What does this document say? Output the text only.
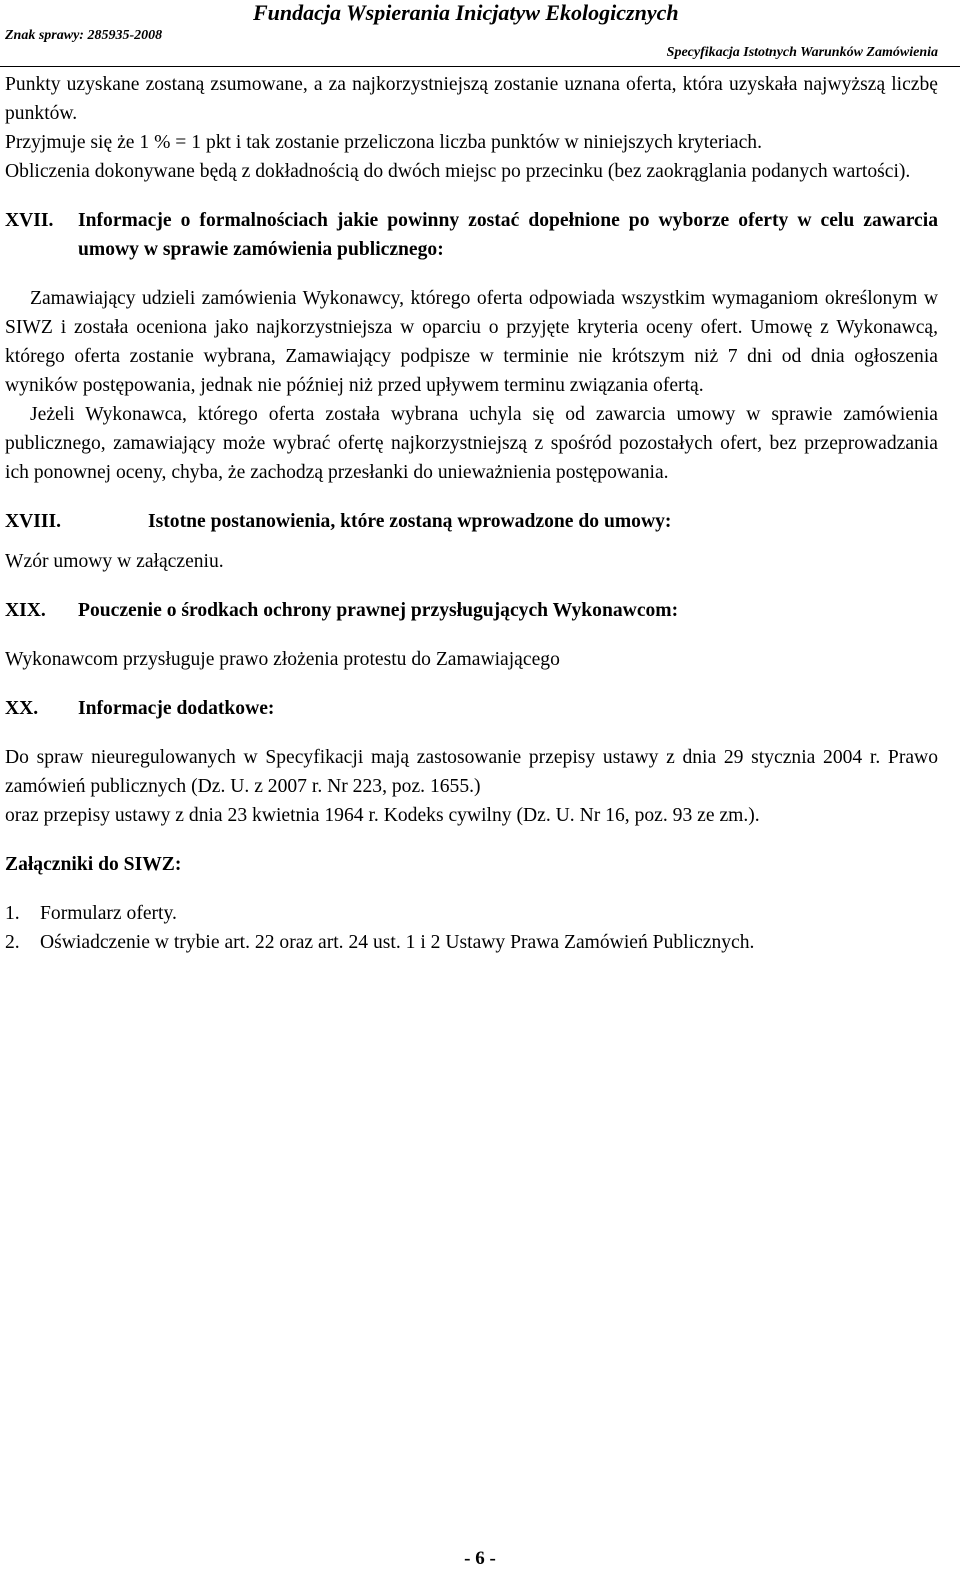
Fundacja Wspierania Inicjatyw Ekologicznych
Znak sprawy: 285935-2008
Specyfikacja Istotnych Warunków Zamówienia

Punkty uzyskane zostaną zsumowane, a za najkorzystniejszą zostanie uznana oferta, która uzyskała najwyższą liczbę punktów.

Przyjmuje się że 1 % = 1 pkt i tak zostanie przeliczona liczba punktów w niniejszych kryteriach.

Obliczenia dokonywane będą z dokładnością do dwóch miejsc po przecinku (bez zaokrąglania podanych wartości).

XVII.	Informacje o formalnościach jakie powinny zostać dopełnione po wyborze oferty w celu zawarcia umowy w sprawie zamówienia publicznego:

Zamawiający udzieli zamówienia Wykonawcy, którego oferta odpowiada wszystkim wymaganiom określonym w SIWZ i została oceniona jako najkorzystniejsza w oparciu o przyjęte kryteria oceny ofert. Umowę z Wykonawcą, którego oferta zostanie wybrana, Zamawiający podpisze w terminie nie krótszym niż 7 dni od dnia ogłoszenia wyników postępowania, jednak nie później niż przed upływem terminu związania ofertą.

Jeżeli Wykonawca, którego oferta została wybrana uchyla się od zawarcia umowy w sprawie zamówienia publicznego, zamawiający może wybrać ofertę najkorzystniejszą z spośród pozostałych ofert, bez przeprowadzania ich ponownej oceny, chyba, że zachodzą przesłanki do unieważnienia postępowania.

XVIII.	Istotne postanowienia, które zostaną wprowadzone do umowy:

Wzór umowy w załączeniu.

XIX.	Pouczenie o środkach ochrony prawnej przysługujących Wykonawcom:

Wykonawcom przysługuje prawo złożenia protestu do Zamawiającego

XX.	Informacje dodatkowe:

Do spraw nieuregulowanych w Specyfikacji mają zastosowanie przepisy ustawy z dnia 29 stycznia 2004 r. Prawo zamówień publicznych (Dz. U. z 2007 r. Nr 223, poz. 1655.)

oraz przepisy ustawy z dnia 23 kwietnia 1964 r. Kodeks cywilny (Dz. U. Nr 16, poz. 93 ze zm.).

Załączniki do SIWZ:
1.	Formularz oferty.
2.	Oświadczenie w trybie art. 22 oraz art. 24 ust. 1 i 2 Ustawy Prawa Zamówień Publicznych.
- 6 -
